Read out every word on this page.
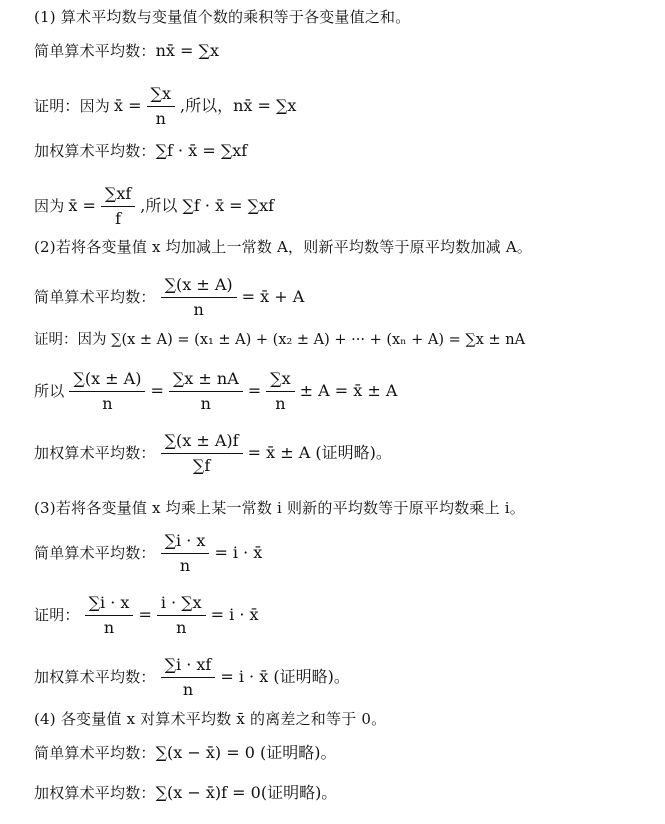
(1) 算术平均数与变量值个数的乘积等于各变量值之和。
简单算术平均数： nx̄ = ∑x
证明：因为 x̄ = $\frac{\sum x}{n}$ ,所以，nx̄ = ∑x
加权算术平均数： ∑f · x̄ = ∑xf
因为 x̄ = $\frac{\sum xf}{f}$ ,所以 ∑f · x̄ = ∑xf
(2)若将各变量值 x 均加减上一常数 A，则新平均数等于原平均数加减 A。
简单算术平均数： $\frac{\sum(x \pm A)}{n}$ = x̄ + A
证明：因为 ∑(x ± A) = (x₁ ± A) + (x₂ ± A) + ··· + (xₙ + A) = ∑x ± nA
所以 $\frac{\sum(x \pm A)}{n} = \frac{\sum x \pm nA}{n} = \frac{\sum x}{n} \pm A$ = x̄ ± A
加权算术平均数： $\frac{\sum(x \pm A)f}{\sum f}$ = x̄ ± A (证明略)。
(3)若将各变量值 x 均乘上某一常数 i 则新的平均数等于原平均数乘上 i。
简单算术平均数： $\frac{\sum i \cdot x}{n} = i$ · x̄
证明： $\frac{\sum i \cdot x}{n} = \frac{i \cdot \sum x}{n} = i$ · x̄
加权算术平均数： $\frac{\sum i \cdot xf}{n} = i$ · x̄ (证明略)。
(4) 各变量值 x 对算术平均数 x̄ 的离差之和等于 0。
简单算术平均数： ∑(x − x̄) = 0 (证明略)。
加权算术平均数： ∑(x − x̄)f = 0(证明略)。
